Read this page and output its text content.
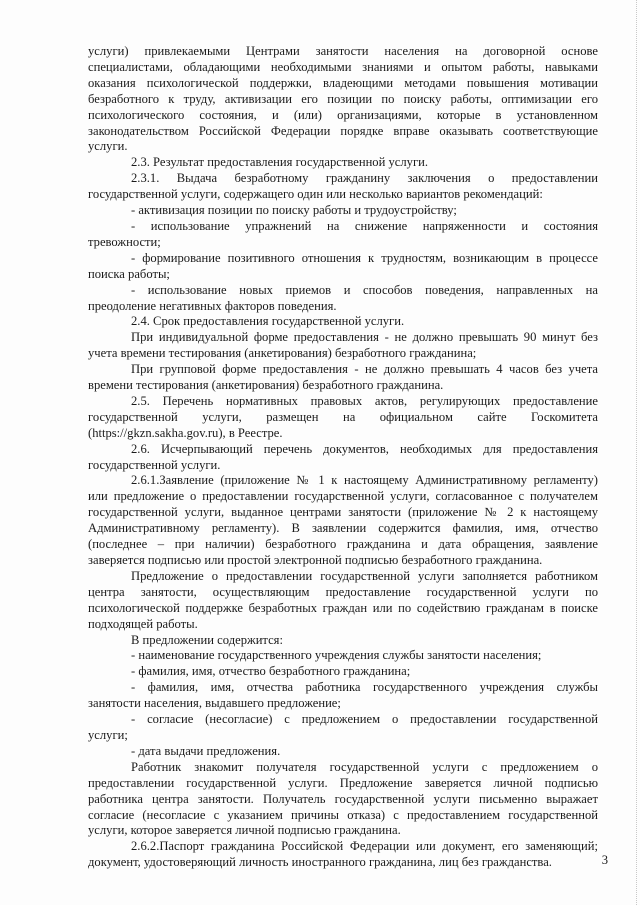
услуги) привлекаемыми Центрами занятости населения на договорной основе

специалистами, обладающими необходимыми знаниями и опытом работы, навыками

оказания психологической поддержки, владеющими методами повышения мотивации

безработного к труду, активизации его позиции по поиску работы, оптимизации его

психологического состояния, и (или) организациями, которые в установленном

законодательством Российской Федерации порядке вправе оказывать соответствующие

услуги.

2.3. Результат предоставления государственной услуги.

2.3.1. Выдача безработному гражданину заключения о предоставлении

государственной услуги, содержащего один или несколько вариантов рекомендаций:

- активизация позиции по поиску работы и трудоустройству;

- использование упражнений на снижение напряженности и состояния

тревожности;

- формирование позитивного отношения к трудностям, возникающим в процессе

поиска работы;

- использование новых приемов и способов поведения, направленных на

преодоление негативных факторов поведения.

2.4. Срок предоставления государственной услуги.

При индивидуальной форме предоставления - не должно превышать 90 минут без

учета времени тестирования (анкетирования) безработного гражданина;

При групповой форме предоставления - не должно превышать 4 часов без учета

времени тестирования (анкетирования) безработного гражданина.

2.5. Перечень нормативных правовых актов, регулирующих предоставление

государственной услуги, размещен на официальном сайте Госкомитета

(https://gkzn.sakha.gov.ru), в Реестре.

2.6. Исчерпывающий перечень документов, необходимых для предоставления

государственной услуги.

2.6.1.Заявление (приложение № 1 к настоящему Административному регламенту)

или предложение о предоставлении государственной услуги, согласованное с получателем

государственной услуги, выданное центрами занятости (приложение № 2 к настоящему

Административному регламенту). В заявлении содержится фамилия, имя, отчество

(последнее – при наличии) безработного гражданина и дата обращения, заявление

заверяется подписью или простой электронной подписью безработного гражданина.

Предложение о предоставлении государственной услуги заполняется работником

центра занятости, осуществляющим предоставление государственной услуги по

психологической поддержке безработных граждан или по содействию гражданам в поиске

подходящей работы.

В предложении содержится:

- наименование государственного учреждения службы занятости населения;

- фамилия, имя, отчество безработного гражданина;

- фамилия, имя, отчества работника государственного учреждения службы

занятости населения, выдавшего предложение;

- согласие (несогласие) с предложением о предоставлении государственной

услуги;

- дата выдачи предложения.

Работник знакомит получателя государственной услуги с предложением о

предоставлении государственной услуги. Предложение заверяется личной подписью

работника центра занятости. Получатель государственной услуги письменно выражает

согласие (несогласие с указанием причины отказа) с предоставлением государственной

услуги, которое заверяется личной подписью гражданина.

2.6.2.Паспорт гражданина Российской Федерации или документ, его заменяющий;

документ, удостоверяющий личность иностранного гражданина, лиц без гражданства.	3
